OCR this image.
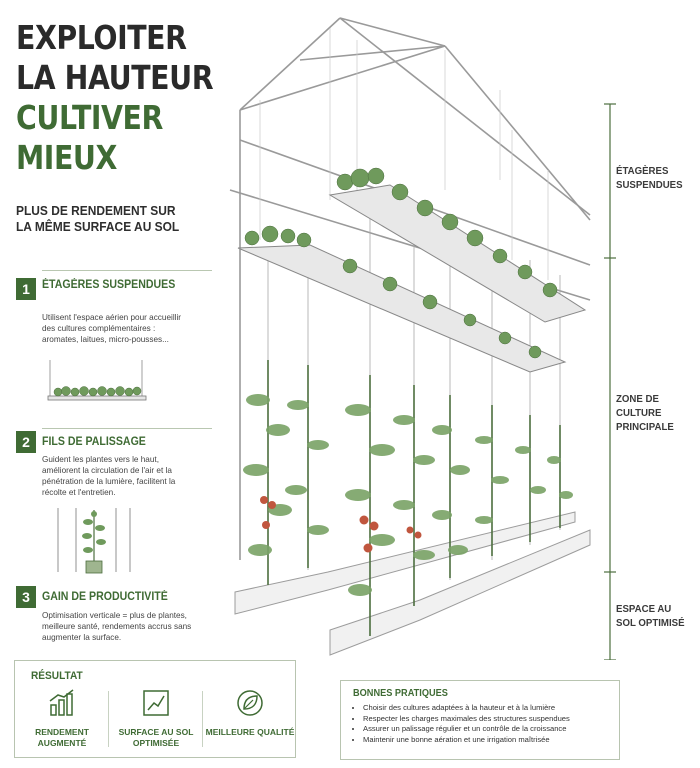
EXPLOITER
LA HAUTEUR
CULTIVER
MIEUX
PLUS DE RENDEMENT SUR LA MÊME SURFACE AU SOL
1	ÉTAGÈRES SUSPENDUES
Utilisent l'espace aérien pour accueillir des cultures complémentaires : aromates, laitues, micro-pousses...
2	FILS DE PALISSAGE
Guident les plantes vers le haut, améliorent la circulation de l'air et la pénétration de la lumière, facilitent la récolte et l'entretien.
3	GAIN DE PRODUCTIVITÉ
Optimisation verticale = plus de plantes, meilleure santé, rendements accrus sans augmenter la surface.
ÉTAGÈRES SUSPENDUES
ZONE DE CULTURE PRINCIPALE
ESPACE AU SOL OPTIMISÉ
RÉSULTAT
RENDEMENT AUGMENTÉ
SURFACE AU SOL OPTIMISÉE
MEILLEURE QUALITÉ
BONNES PRATIQUES
• Choisir des cultures adaptées à la hauteur et à la lumière
• Respecter les charges maximales des structures suspendues
• Assurer un palissage régulier et un contrôle de la croissance
• Maintenir une bonne aération et une irrigation maîtrisée
